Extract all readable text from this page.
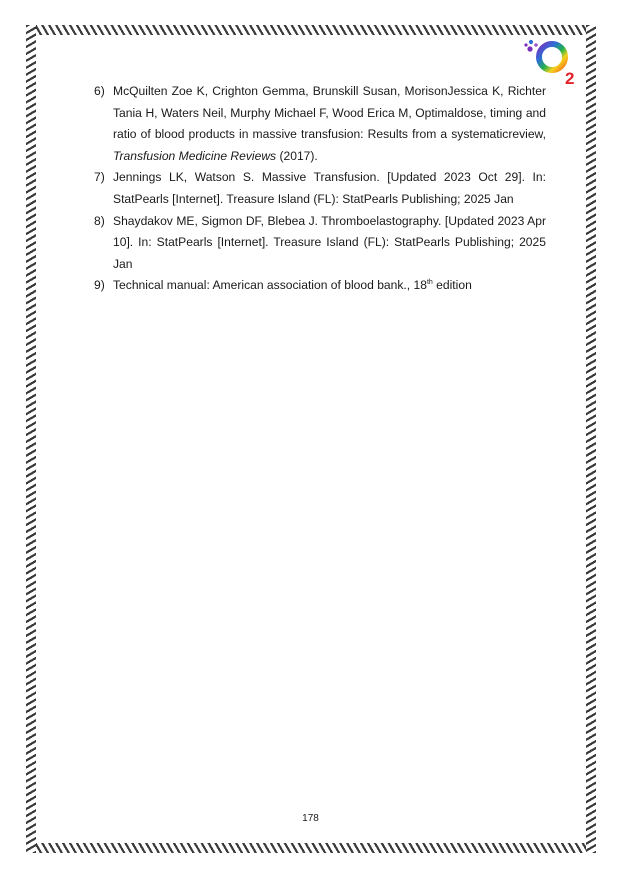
2
6) McQuilten Zoe K, Crighton Gemma, Brunskill Susan, MorisonJessica K, Richter Tania H, Waters Neil, Murphy Michael F, Wood Erica M, Optimaldose, timing and ratio of blood products in massive transfusion: Results from a systematicreview, Transfusion Medicine Reviews (2017).
7) Jennings LK, Watson S. Massive Transfusion. [Updated 2023 Oct 29]. In: StatPearls [Internet]. Treasure Island (FL): StatPearls Publishing; 2025 Jan
8) Shaydakov ME, Sigmon DF, Blebea J. Thromboelastography. [Updated 2023 Apr 10]. In: StatPearls [Internet]. Treasure Island (FL): StatPearls Publishing; 2025 Jan
9) Technical manual: American association of blood bank., 18th edition
178
